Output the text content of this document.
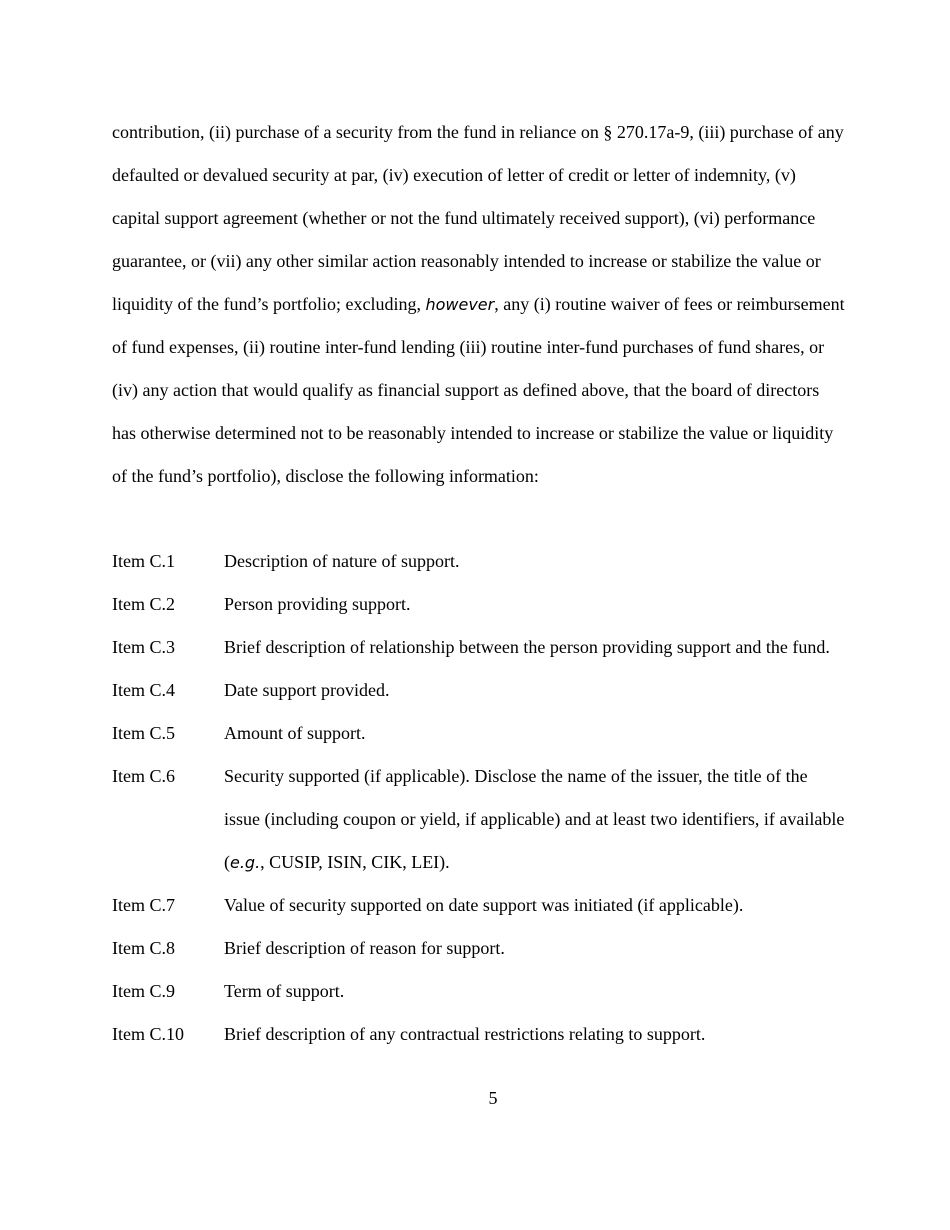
contribution, (ii) purchase of a security from the fund in reliance on § 270.17a-9, (iii) purchase of any defaulted or devalued security at par, (iv) execution of letter of credit or letter of indemnity, (v) capital support agreement (whether or not the fund ultimately received support), (vi) performance guarantee, or (vii) any other similar action reasonably intended to increase or stabilize the value or liquidity of the fund’s portfolio; excluding, however, any (i) routine waiver of fees or reimbursement of fund expenses, (ii) routine inter-fund lending (iii) routine inter-fund purchases of fund shares, or (iv) any action that would qualify as financial support as defined above, that the board of directors has otherwise determined not to be reasonably intended to increase or stabilize the value or liquidity of the fund’s portfolio), disclose the following information:

Item C.1	Description of nature of support.
Item C.2	Person providing support.
Item C.3	Brief description of relationship between the person providing support and the fund.
Item C.4	Date support provided.
Item C.5	Amount of support.
Item C.6	Security supported (if applicable). Disclose the name of the issuer, the title of the issue (including coupon or yield, if applicable) and at least two identifiers, if available (e.g., CUSIP, ISIN, CIK, LEI).
Item C.7	Value of security supported on date support was initiated (if applicable).
Item C.8	Brief description of reason for support.
Item C.9	Term of support.
Item C.10	Brief description of any contractual restrictions relating to support.
5
